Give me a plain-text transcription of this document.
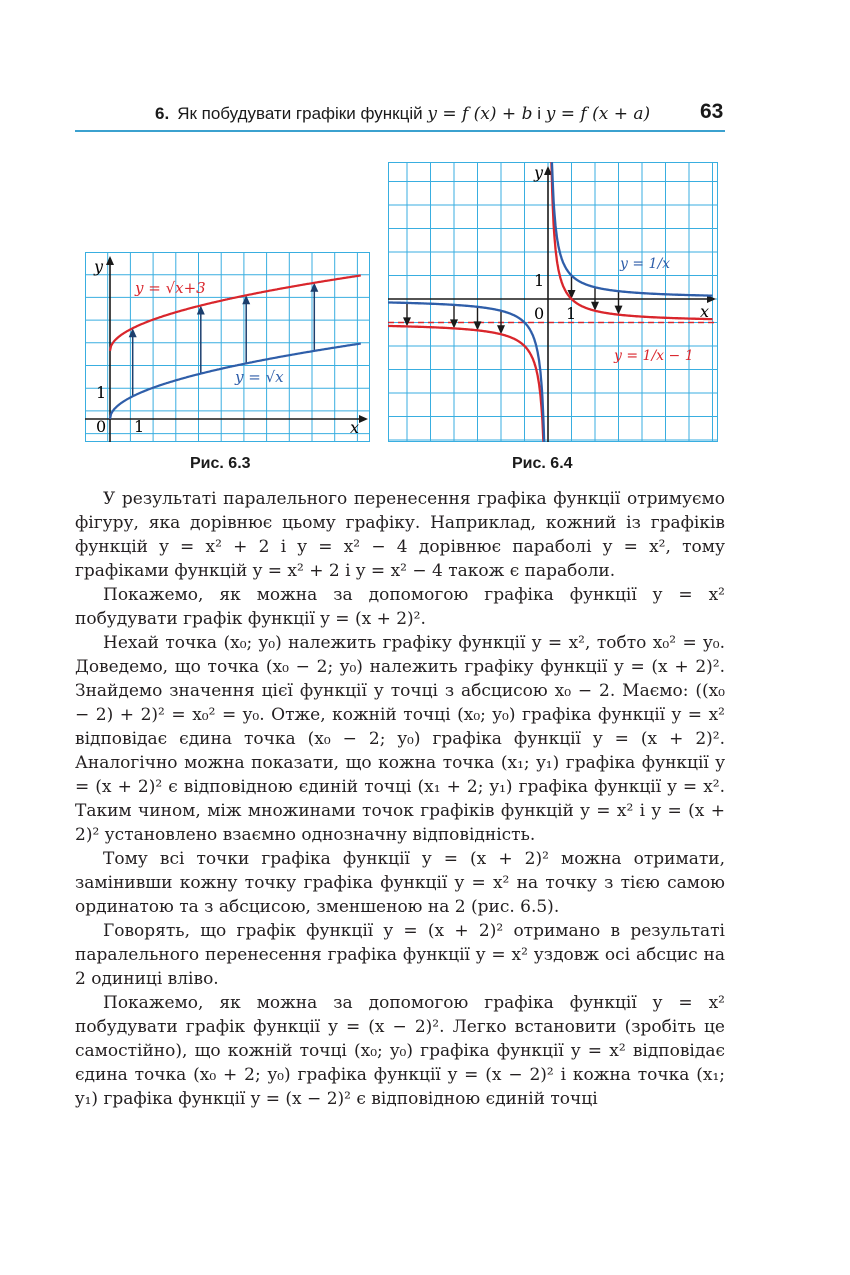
6. Як побудувати графіки функцій y = f (x) + b і y = f (x + a) 63
y
x
0 1
1
y = √x+3
y = √x
Рис. 6.3
y
x
0 1
1
y = 1/x
y = 1/x − 1
Рис. 6.4

У результаті паралельного перенесення графіка функції отримуємо фігуру, яка дорівнює цьому графіку. Наприклад, кожний із графіків функцій y = x² + 2 і y = x² − 4 дорівнює параболі y = x², тому графіками функцій y = x² + 2 і y = x² − 4 також є параболи.

Покажемо, як можна за допомогою графіка функції y = x² побудувати графік функції y = (x + 2)².

Нехай точка (x₀; y₀) належить графіку функції y = x², тобто x₀² = y₀. Доведемо, що точка (x₀ − 2; y₀) належить графіку функції y = (x + 2)². Знайдемо значення цієї функції у точці з абсцисою x₀ − 2. Маємо: ((x₀ − 2) + 2)² = x₀² = y₀. Отже, кожній точці (x₀; y₀) графіка функції y = x² відповідає єдина точка (x₀ − 2; y₀) графіка функції y = (x + 2)². Аналогічно можна показати, що кожна точка (x₁; y₁) графіка функції y = (x + 2)² є відповідною єдиній точці (x₁ + 2; y₁) графіка функції y = x². Таким чином, між множинами точок графіків функцій y = x² і y = (x + 2)² установлено взаємно однозначну відповідність.

Тому всі точки графіка функції y = (x + 2)² можна отримати, замінивши кожну точку графіка функції y = x² на точку з тією самою ординатою та з абсцисою, зменшеною на 2 (рис. 6.5).

Говорять, що графік функції y = (x + 2)² отримано в результаті паралельного перенесення графіка функції y = x² уздовж осі абсцис на 2 одиниці вліво.

Покажемо, як можна за допомогою графіка функції y = x² побудувати графік функції y = (x − 2)². Легко встановити (зробіть це самостійно), що кожній точці (x₀; y₀) графіка функції y = x² відповідає єдина точка (x₀ + 2; y₀) графіка функції y = (x − 2)² і кожна точка (x₁; y₁) графіка функції y = (x − 2)² є відповідною єдиній точці
